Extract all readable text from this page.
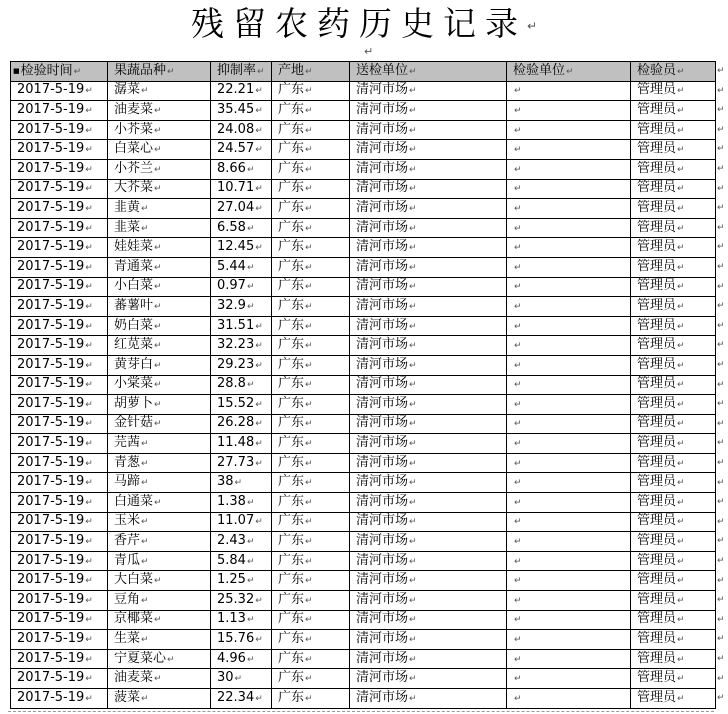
残留农药历史记录↵
↵
■检验时间↵	果蔬品种↵	抑制率↵	产地↵	送检单位↵	检验单位↵	检验员↵
2017-5-19↵	潺菜↵	22.21↵	广东↵	清河市场↵	↵	管理员↵
2017-5-19↵	油麦菜↵	35.45↵	广东↵	清河市场↵	↵	管理员↵
2017-5-19↵	小芥菜↵	24.08↵	广东↵	清河市场↵	↵	管理员↵
2017-5-19↵	白菜心↵	24.57↵	广东↵	清河市场↵	↵	管理员↵
2017-5-19↵	小芥兰↵	8.66↵	广东↵	清河市场↵	↵	管理员↵
2017-5-19↵	大芥菜↵	10.71↵	广东↵	清河市场↵	↵	管理员↵
2017-5-19↵	韭黄↵	27.04↵	广东↵	清河市场↵	↵	管理员↵
2017-5-19↵	韭菜↵	6.58↵	广东↵	清河市场↵	↵	管理员↵
2017-5-19↵	娃娃菜↵	12.45↵	广东↵	清河市场↵	↵	管理员↵
2017-5-19↵	青通菜↵	5.44↵	广东↵	清河市场↵	↵	管理员↵
2017-5-19↵	小白菜↵	0.97↵	广东↵	清河市场↵	↵	管理员↵
2017-5-19↵	蕃薯叶↵	32.9↵	广东↵	清河市场↵	↵	管理员↵
2017-5-19↵	奶白菜↵	31.51↵	广东↵	清河市场↵	↵	管理员↵
2017-5-19↵	红苋菜↵	32.23↵	广东↵	清河市场↵	↵	管理员↵
2017-5-19↵	黄芽白↵	29.23↵	广东↵	清河市场↵	↵	管理员↵
2017-5-19↵	小棠菜↵	28.8↵	广东↵	清河市场↵	↵	管理员↵
2017-5-19↵	胡萝卜↵	15.52↵	广东↵	清河市场↵	↵	管理员↵
2017-5-19↵	金针菇↵	26.28↵	广东↵	清河市场↵	↵	管理员↵
2017-5-19↵	芫茜↵	11.48↵	广东↵	清河市场↵	↵	管理员↵
2017-5-19↵	青葱↵	27.73↵	广东↵	清河市场↵	↵	管理员↵
2017-5-19↵	马蹄↵	38↵	广东↵	清河市场↵	↵	管理员↵
2017-5-19↵	白通菜↵	1.38↵	广东↵	清河市场↵	↵	管理员↵
2017-5-19↵	玉米↵	11.07↵	广东↵	清河市场↵	↵	管理员↵
2017-5-19↵	香芹↵	2.43↵	广东↵	清河市场↵	↵	管理员↵
2017-5-19↵	青瓜↵	5.84↵	广东↵	清河市场↵	↵	管理员↵
2017-5-19↵	大白菜↵	1.25↵	广东↵	清河市场↵	↵	管理员↵
2017-5-19↵	豆角↵	25.32↵	广东↵	清河市场↵	↵	管理员↵
2017-5-19↵	京椰菜↵	1.13↵	广东↵	清河市场↵	↵	管理员↵
2017-5-19↵	生菜↵	15.76↵	广东↵	清河市场↵	↵	管理员↵
2017-5-19↵	宁夏菜心↵	4.96↵	广东↵	清河市场↵	↵	管理员↵
2017-5-19↵	油麦菜↵	30↵	广东↵	清河市场↵	↵	管理员↵
2017-5-19↵	菠菜↵	22.34↵	广东↵	清河市场↵	↵	管理员↵
↵
↵
↵
↵
↵
↵
↵
↵
↵
↵
↵
↵
↵
↵
↵
↵
↵
↵
↵
↵
↵
↵
↵
↵
↵
↵
↵
↵
↵
↵
↵
↵
↵
